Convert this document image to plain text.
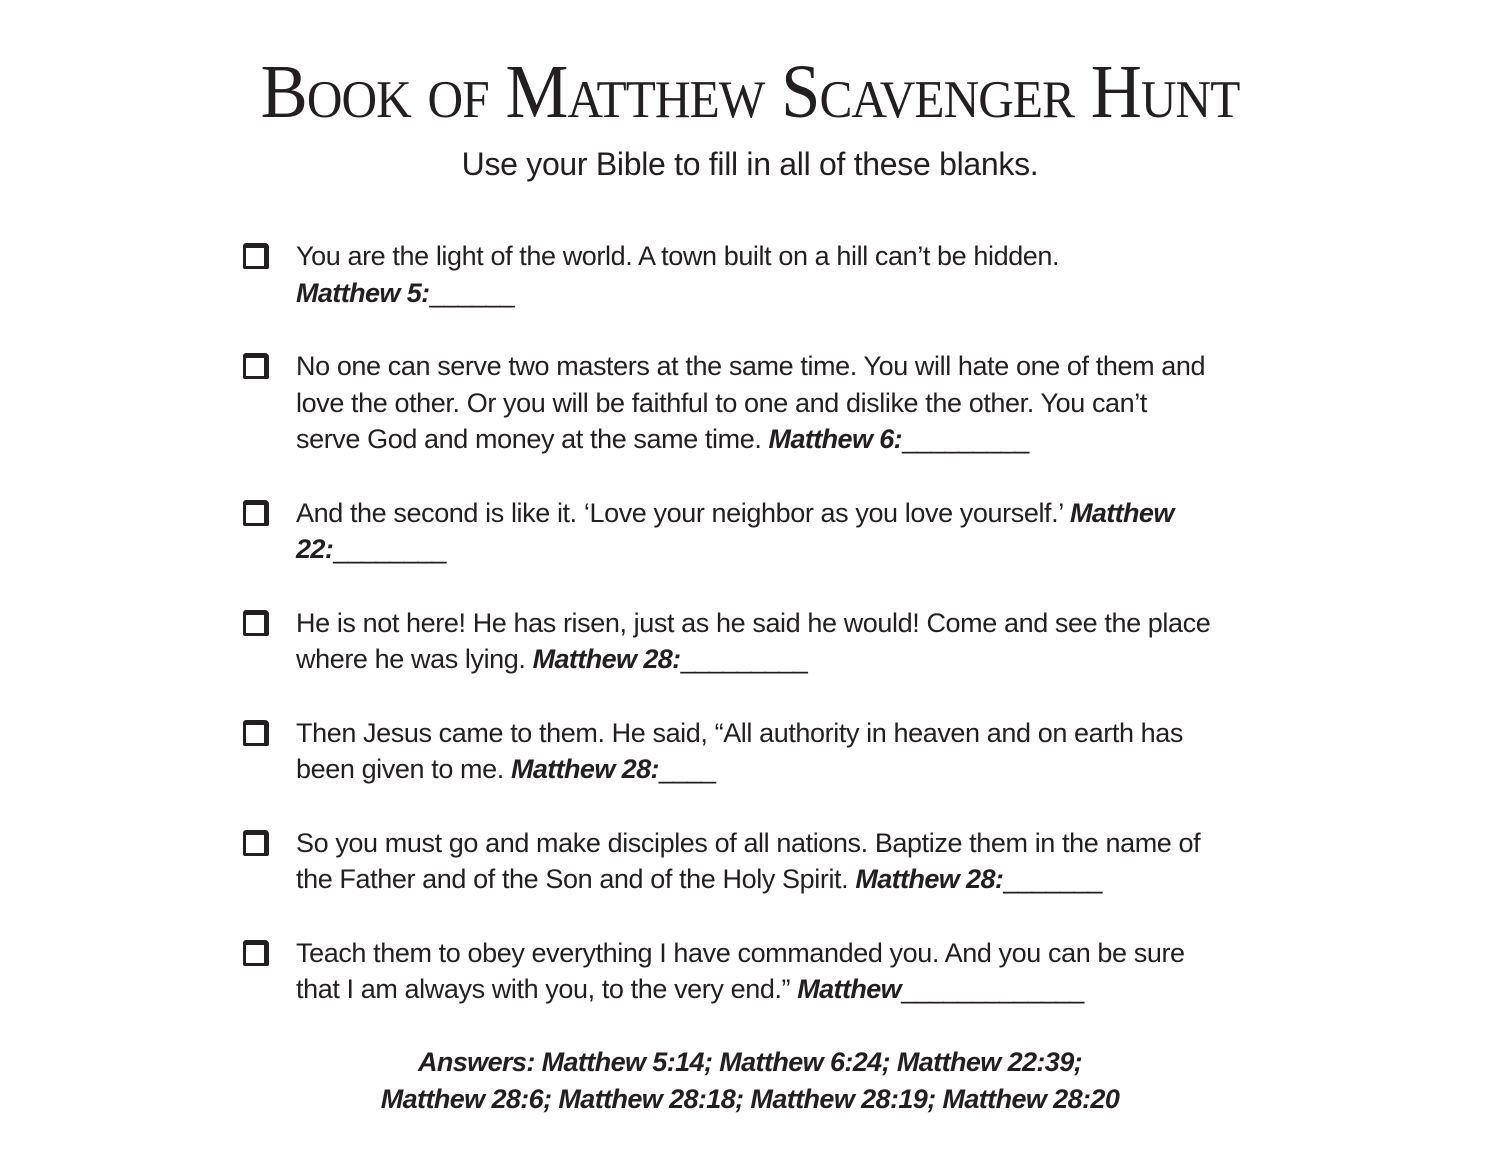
Book of Matthew Scavenger Hunt
Use your Bible to fill in all of these blanks.
You are the light of the world. A town built on a hill can’t be hidden.
Matthew 5:______
No one can serve two masters at the same time. You will hate one of them and
love the other. Or you will be faithful to one and dislike the other. You can’t
serve God and money at the same time. Matthew 6:_________
And the second is like it. ‘Love your neighbor as you love yourself.’ Matthew
22:________
He is not here! He has risen, just as he said he would! Come and see the place
where he was lying. Matthew 28:_________
Then Jesus came to them. He said, “All authority in heaven and on earth has
been given to me. Matthew 28:____
So you must go and make disciples of all nations. Baptize them in the name of
the Father and of the Son and of the Holy Spirit. Matthew 28:_______
Teach them to obey everything I have commanded you. And you can be sure
that I am always with you, to the very end.” Matthew_____________
Answers: Matthew 5:14; Matthew 6:24; Matthew 22:39;
Matthew 28:6; Matthew 28:18; Matthew 28:19; Matthew 28:20
